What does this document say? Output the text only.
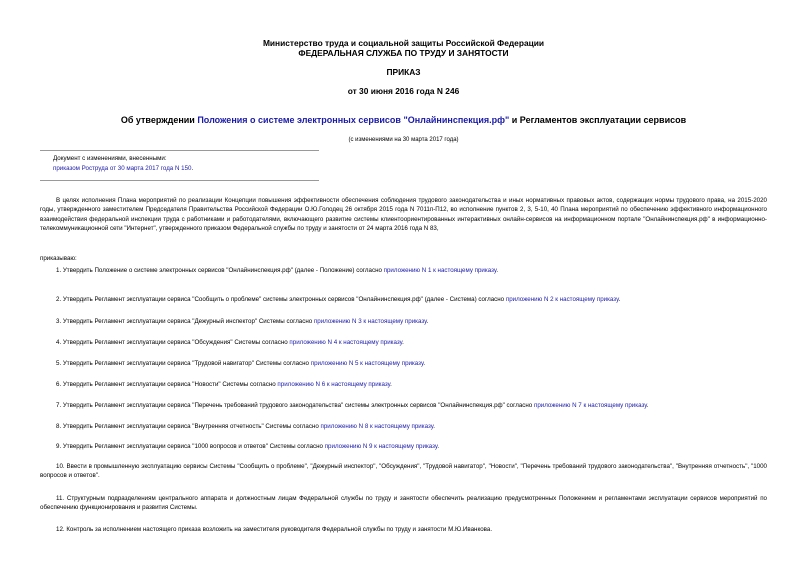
Министерство труда и социальной защиты Российской Федерации
ФЕДЕРАЛЬНАЯ СЛУЖБА ПО ТРУДУ И ЗАНЯТОСТИ
ПРИКАЗ
от 30 июня 2016 года N 246
Об утверждении Положения о системе электронных сервисов "Онлайнинспекция.рф" и Регламентов эксплуатации сервисов
(с изменениями на 30 марта 2017 года)
Документ с изменениями, внесенными:
приказом Роструда от 30 марта 2017 года N 150.
В целях исполнения Плана мероприятий по реализации Концепции повышения эффективности обеспечения соблюдения трудового законодательства и иных нормативных правовых актов, содержащих нормы трудового права, на 2015-2020 годы, утвержденного заместителем Председателя Правительства Российской Федерации О.Ю.Голодец 26 октября 2015 года N 7011п-П12, во исполнение пунктов 2, 3, 5-10, 40 Плана мероприятий по обеспечению эффективного информационного взаимодействия федеральной инспекции труда с работниками и работодателями, включающего развитие системы клиентоориентированных интерактивных онлайн-сервисов на информационном портале "Онлайнинспекция.рф" в информационно-телекоммуникационной сети "Интернет", утвержденного приказом Федеральной службы по труду и занятости от 24 марта 2016 года N 83,
приказываю:
1. Утвердить Положение о системе электронных сервисов "Онлайнинспекция.рф" (далее - Положение) согласно приложению N 1 к настоящему приказу.
2. Утвердить Регламент эксплуатации сервиса "Сообщить о проблеме" системы электронных сервисов "Онлайнинспекция.рф" (далее - Система) согласно приложению N 2 к настоящему приказу.
3. Утвердить Регламент эксплуатации сервиса "Дежурный инспектор" Системы согласно приложению N 3 к настоящему приказу.
4. Утвердить Регламент эксплуатации сервиса "Обсуждения" Системы согласно приложению N 4 к настоящему приказу.
5. Утвердить Регламент эксплуатации сервиса "Трудовой навигатор" Системы согласно приложению N 5 к настоящему приказу.
6. Утвердить Регламент эксплуатации сервиса "Новости" Системы согласно приложению N 6 к настоящему приказу.
7. Утвердить Регламент эксплуатации сервиса "Перечень требований трудового законодательства" системы электронных сервисов "Онлайнинспекция.рф" согласно приложению N 7 к настоящему приказу.
8. Утвердить Регламент эксплуатации сервиса "Внутренняя отчетность" Системы согласно приложению N 8 к настоящему приказу.
9. Утвердить Регламент эксплуатации сервиса "1000 вопросов и ответов" Системы согласно приложению N 9 к настоящему приказу.
10. Ввести в промышленную эксплуатацию сервисы Системы "Сообщить о проблеме", "Дежурный инспектор", "Обсуждения", "Трудовой навигатор", "Новости", "Перечень требований трудового законодательства", "Внутренняя отчетность", "1000 вопросов и ответов".
11. Структурным подразделениям центрального аппарата и должностным лицам Федеральной службы по труду и занятости обеспечить реализацию предусмотренных Положением и регламентами эксплуатации сервисов мероприятий по обеспечению функционирования и развития Системы.
12. Контроль за исполнением настоящего приказа возложить на заместителя руководителя Федеральной службы по труду и занятости М.Ю.Иванкова.
